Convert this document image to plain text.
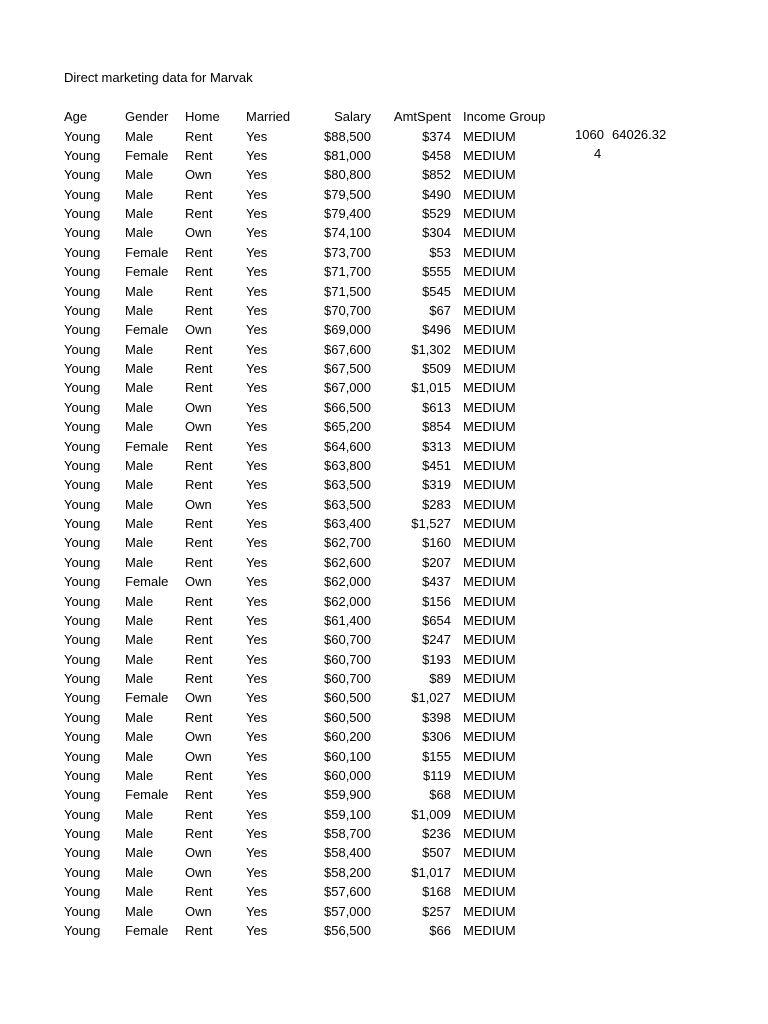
Direct marketing data for Marvak
Age	Gender	Home	Married	Salary	AmtSpent	Income Group
Young	Male	Rent	Yes	$88,500	$374	MEDIUM
Young	Female	Rent	Yes	$81,000	$458	MEDIUM
Young	Male	Own	Yes	$80,800	$852	MEDIUM
Young	Male	Rent	Yes	$79,500	$490	MEDIUM
Young	Male	Rent	Yes	$79,400	$529	MEDIUM
Young	Male	Own	Yes	$74,100	$304	MEDIUM
Young	Female	Rent	Yes	$73,700	$53	MEDIUM
Young	Female	Rent	Yes	$71,700	$555	MEDIUM
Young	Male	Rent	Yes	$71,500	$545	MEDIUM
Young	Male	Rent	Yes	$70,700	$67	MEDIUM
Young	Female	Own	Yes	$69,000	$496	MEDIUM
Young	Male	Rent	Yes	$67,600	$1,302	MEDIUM
Young	Male	Rent	Yes	$67,500	$509	MEDIUM
Young	Male	Rent	Yes	$67,000	$1,015	MEDIUM
Young	Male	Own	Yes	$66,500	$613	MEDIUM
Young	Male	Own	Yes	$65,200	$854	MEDIUM
Young	Female	Rent	Yes	$64,600	$313	MEDIUM
Young	Male	Rent	Yes	$63,800	$451	MEDIUM
Young	Male	Rent	Yes	$63,500	$319	MEDIUM
Young	Male	Own	Yes	$63,500	$283	MEDIUM
Young	Male	Rent	Yes	$63,400	$1,527	MEDIUM
Young	Male	Rent	Yes	$62,700	$160	MEDIUM
Young	Male	Rent	Yes	$62,600	$207	MEDIUM
Young	Female	Own	Yes	$62,000	$437	MEDIUM
Young	Male	Rent	Yes	$62,000	$156	MEDIUM
Young	Male	Rent	Yes	$61,400	$654	MEDIUM
Young	Male	Rent	Yes	$60,700	$247	MEDIUM
Young	Male	Rent	Yes	$60,700	$193	MEDIUM
Young	Male	Rent	Yes	$60,700	$89	MEDIUM
Young	Female	Own	Yes	$60,500	$1,027	MEDIUM
Young	Male	Rent	Yes	$60,500	$398	MEDIUM
Young	Male	Own	Yes	$60,200	$306	MEDIUM
Young	Male	Own	Yes	$60,100	$155	MEDIUM
Young	Male	Rent	Yes	$60,000	$119	MEDIUM
Young	Female	Rent	Yes	$59,900	$68	MEDIUM
Young	Male	Rent	Yes	$59,100	$1,009	MEDIUM
Young	Male	Rent	Yes	$58,700	$236	MEDIUM
Young	Male	Own	Yes	$58,400	$507	MEDIUM
Young	Male	Own	Yes	$58,200	$1,017	MEDIUM
Young	Male	Rent	Yes	$57,600	$168	MEDIUM
Young	Male	Own	Yes	$57,000	$257	MEDIUM
Young	Female	Rent	Yes	$56,500	$66	MEDIUM
1060 64026.32
4
